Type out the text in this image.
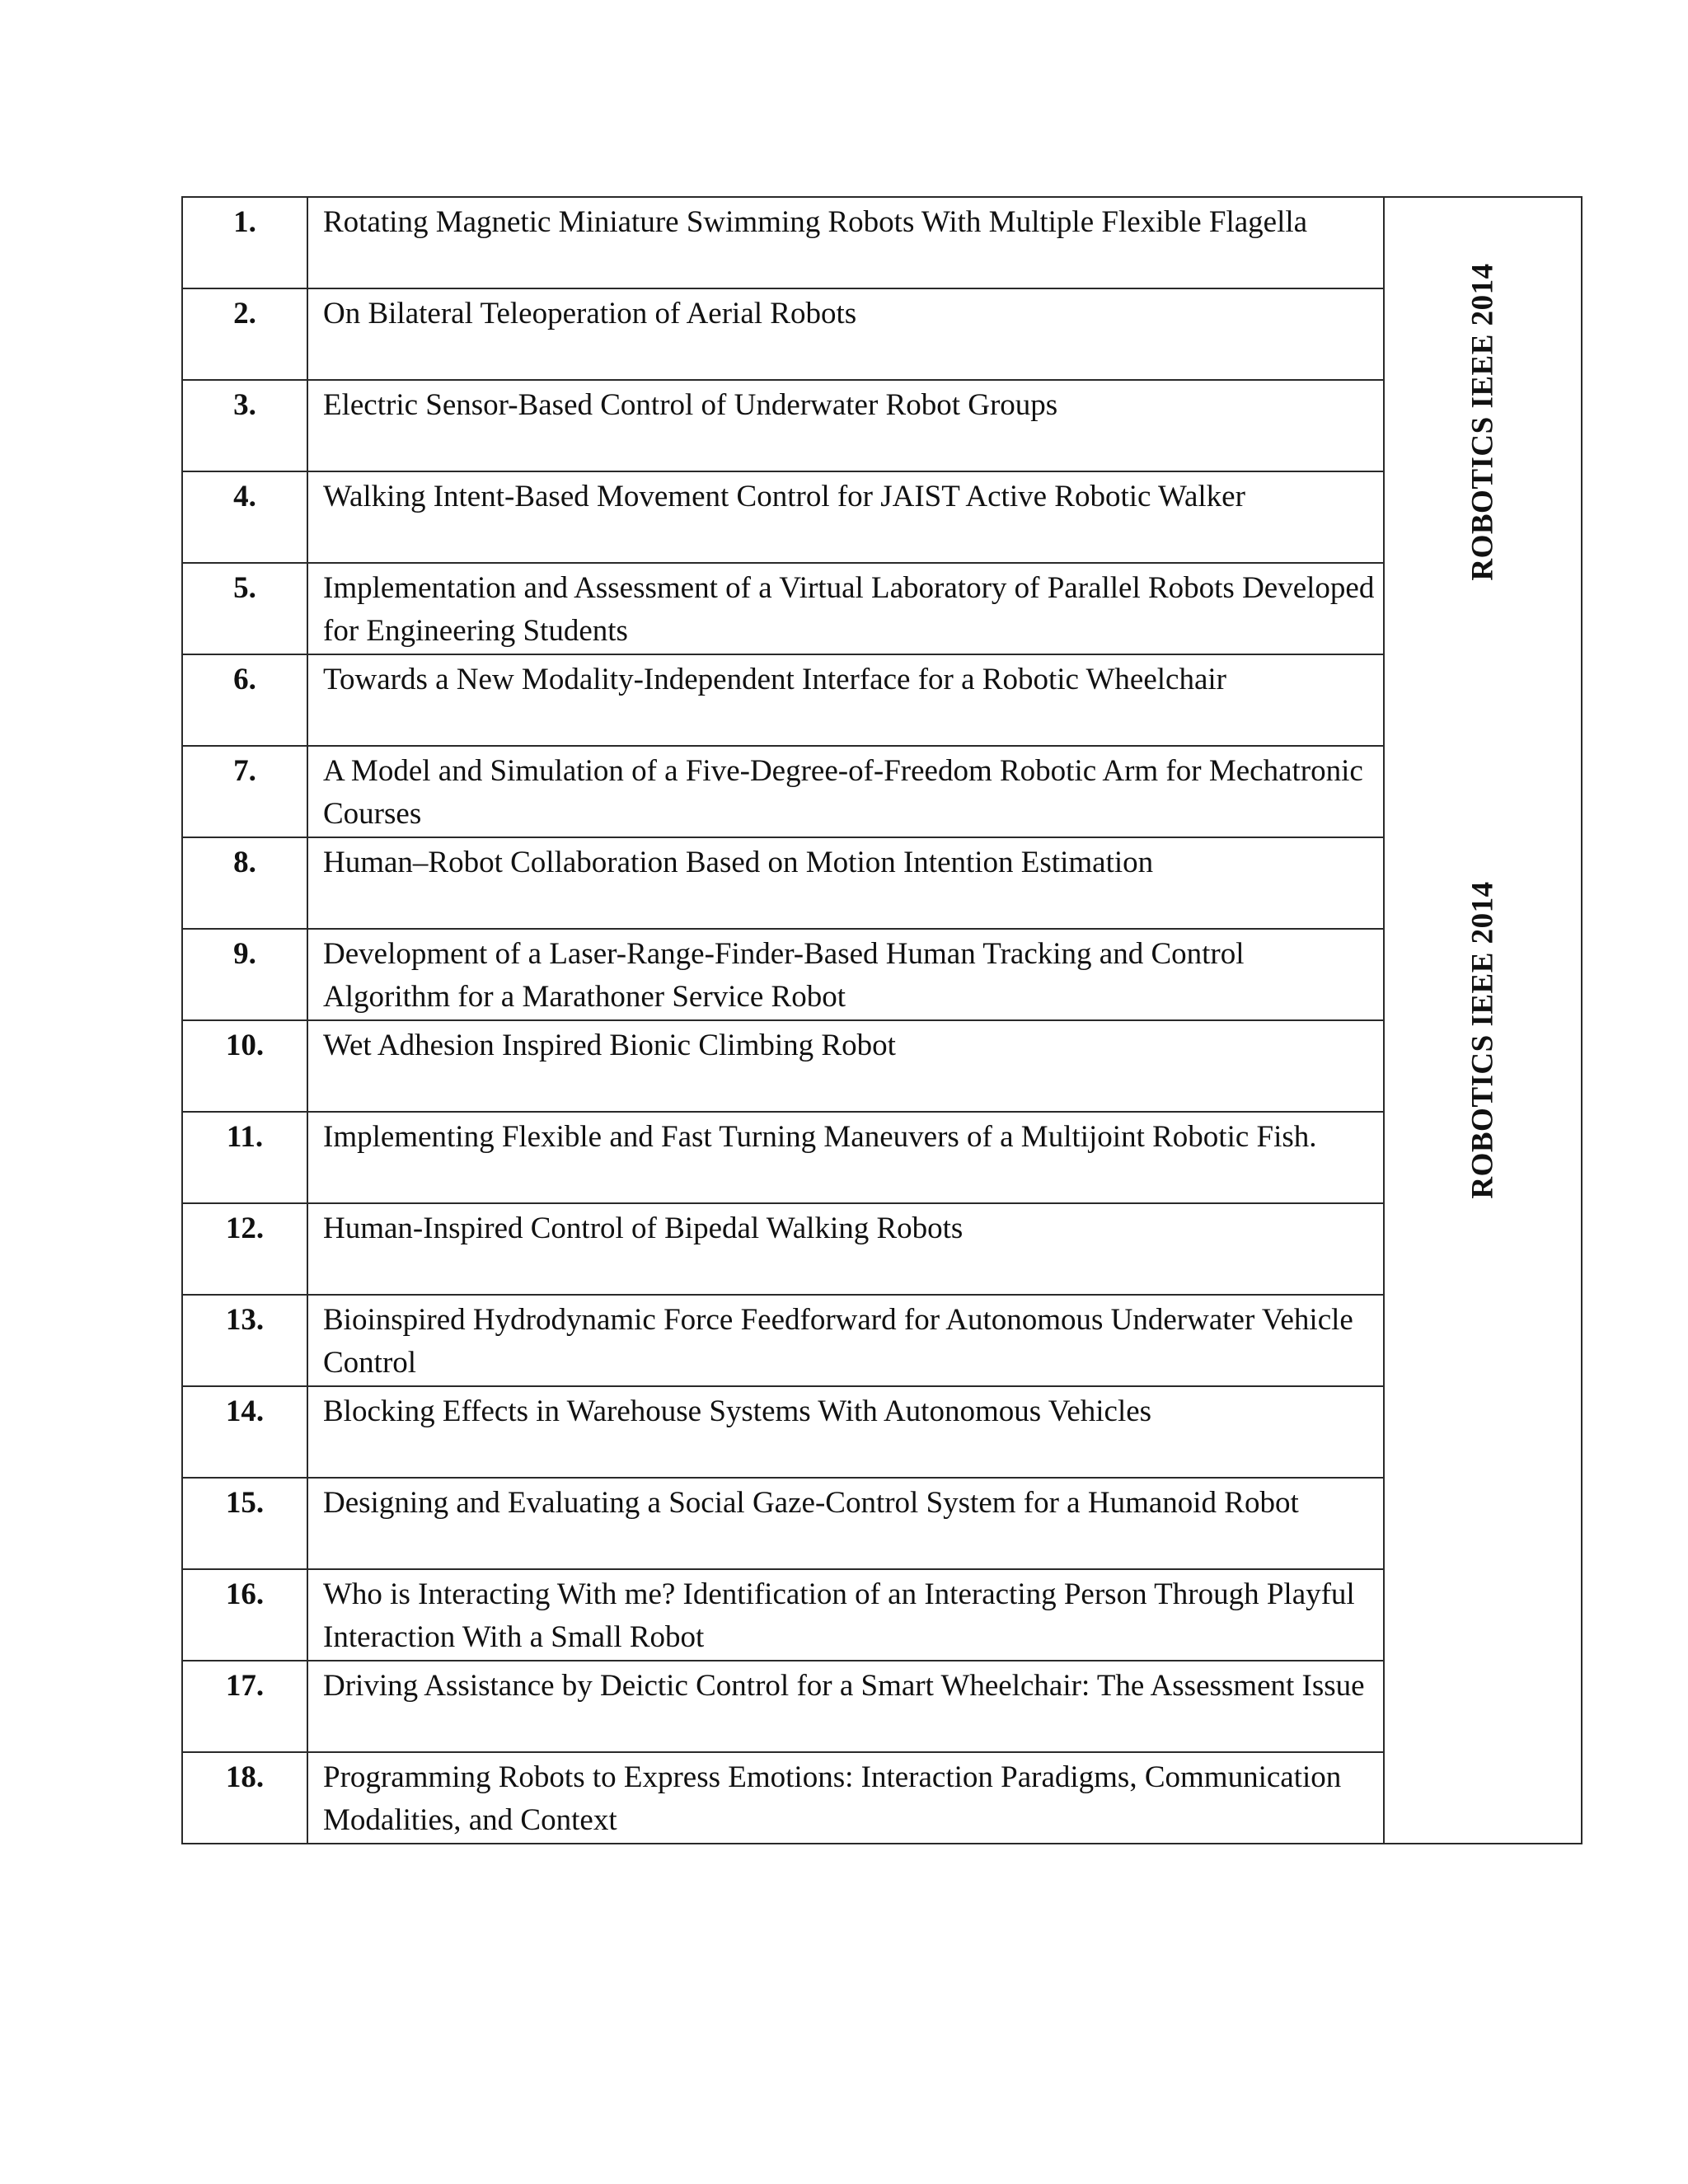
1.	Rotating Magnetic Miniature Swimming Robots With Multiple Flexible Flagella	ROBOTICS IEEE 2014
ROBOTICS IEEE 2014

2.	On Bilateral Teleoperation of Aerial Robots	
3.	Electric Sensor-Based Control of Underwater Robot Groups	
4.	Walking Intent-Based Movement Control for JAIST Active Robotic Walker	
5.	Implementation and Assessment of a Virtual Laboratory of Parallel Robots Developed for Engineering Students	
6.	Towards a New Modality-Independent Interface for a Robotic Wheelchair	
7.	A Model and Simulation of a Five-Degree-of-Freedom Robotic Arm for Mechatronic Courses	
8.	Human–Robot Collaboration Based on Motion Intention Estimation	
9.	Development of a Laser-Range-Finder-Based Human Tracking and Control Algorithm for a Marathoner Service Robot	
10.	Wet Adhesion Inspired Bionic Climbing Robot	
11.	Implementing Flexible and Fast Turning Maneuvers of a Multijoint Robotic Fish.	
12.	Human-Inspired Control of Bipedal Walking Robots	
13.	Bioinspired Hydrodynamic Force Feedforward for Autonomous Underwater Vehicle Control	
14.	Blocking Effects in Warehouse Systems With Autonomous Vehicles	
15.	Designing and Evaluating a Social Gaze-Control System for a Humanoid Robot	
16.	Who is Interacting With me? Identification of an Interacting Person Through Playful Interaction With a Small Robot	
17.	Driving Assistance by Deictic Control for a Smart Wheelchair: The Assessment Issue	
18.	Programming Robots to Express Emotions: Interaction Paradigms, Communication Modalities, and Context	
